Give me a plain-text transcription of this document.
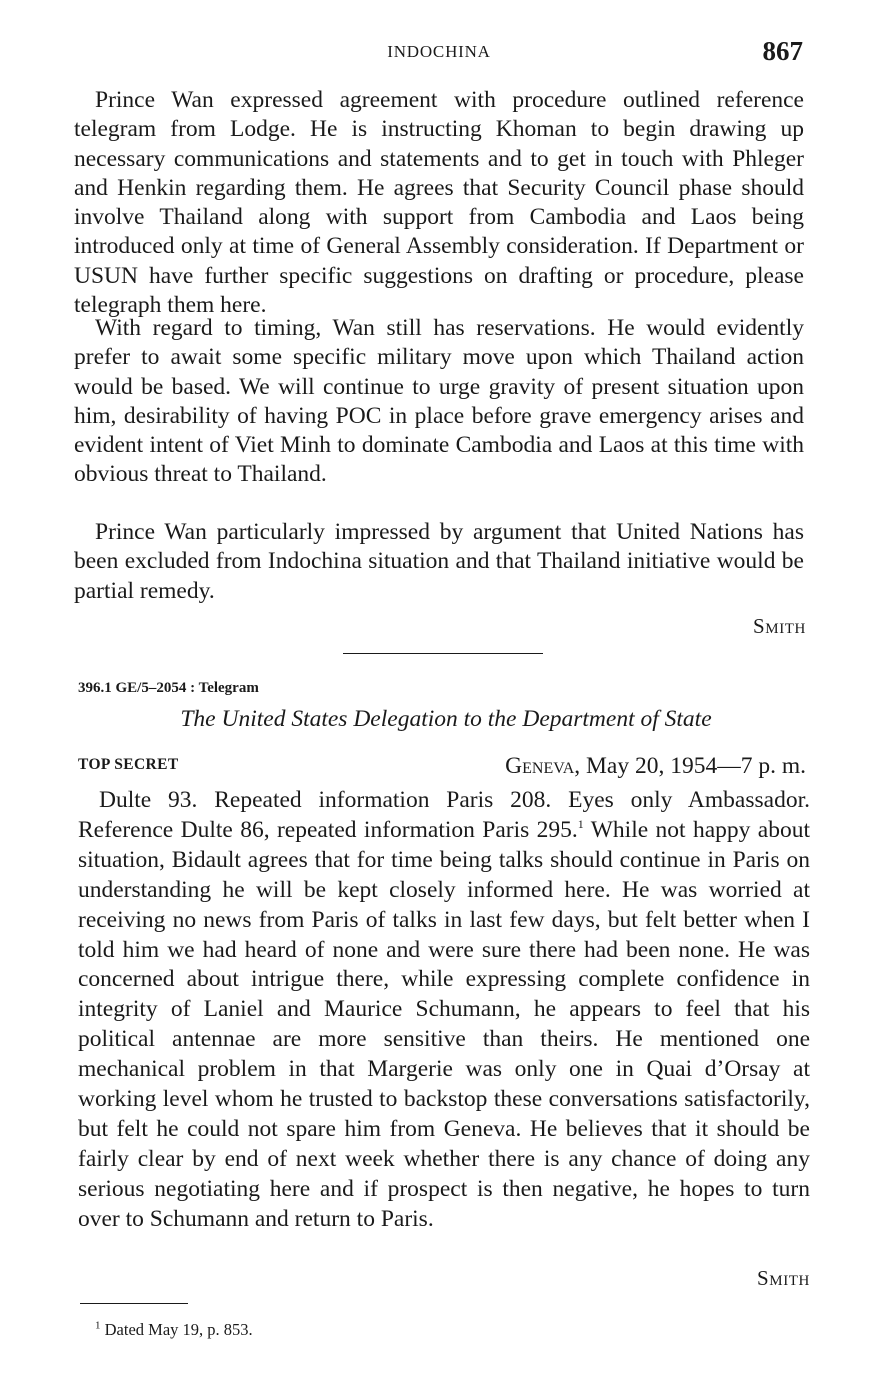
INDOCHINA	867

Prince Wan expressed agreement with procedure outlined reference telegram from Lodge. He is instructing Khoman to begin drawing up necessary communications and statements and to get in touch with Phleger and Henkin regarding them. He agrees that Security Council phase should involve Thailand along with support from Cambodia and Laos being introduced only at time of General Assembly consideration. If Department or USUN have further specific suggestions on drafting or procedure, please telegraph them here.

With regard to timing, Wan still has reservations. He would evidently prefer to await some specific military move upon which Thailand action would be based. We will continue to urge gravity of present situation upon him, desirability of having POC in place before grave emergency arises and evident intent of Viet Minh to dominate Cambodia and Laos at this time with obvious threat to Thailand.

Prince Wan particularly impressed by argument that United Nations has been excluded from Indochina situation and that Thailand initiative would be partial remedy.

Smith
396.1 GE/5–2054 : Telegram
The United States Delegation to the Department of State
TOP SECRET	Geneva, May 20, 1954—7 p. m.

Dulte 93. Repeated information Paris 208. Eyes only Ambassador. Reference Dulte 86, repeated information Paris 295.$^1$ While not happy about situation, Bidault agrees that for time being talks should continue in Paris on understanding he will be kept closely informed here. He was worried at receiving no news from Paris of talks in last few days, but felt better when I told him we had heard of none and were sure there had been none. He was concerned about intrigue there, while expressing complete confidence in integrity of Laniel and Maurice Schumann, he appears to feel that his political antennae are more sensitive than theirs. He mentioned one mechanical problem in that Margerie was only one in Quai d’Orsay at working level whom he trusted to backstop these conversations satisfactorily, but felt he could not spare him from Geneva. He believes that it should be fairly clear by end of next week whether there is any chance of doing any serious negotiating here and if prospect is then negative, he hopes to turn over to Schumann and return to Paris.

Smith
$^1$ Dated May 19, p. 853.
